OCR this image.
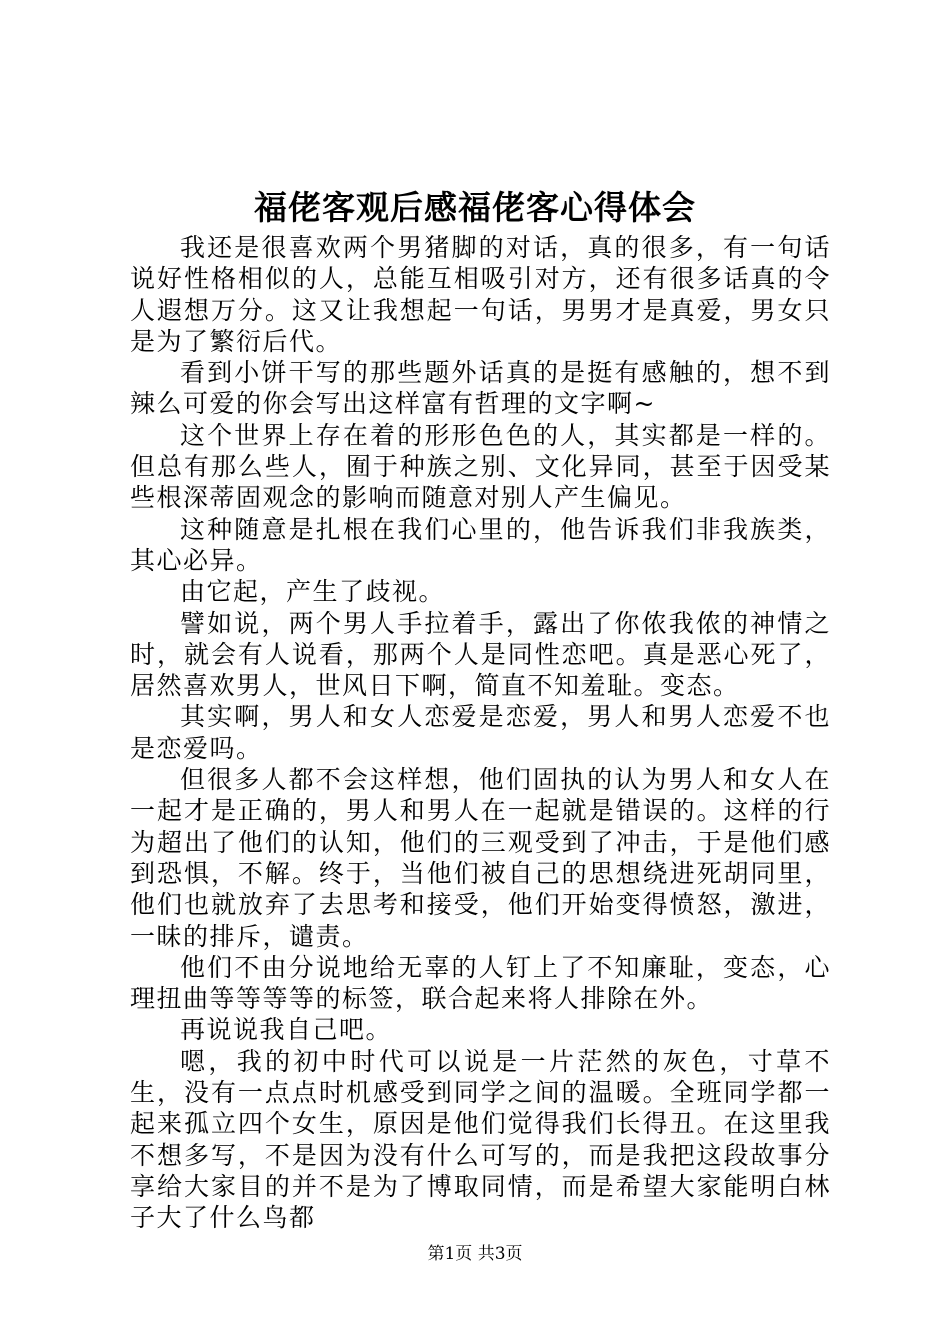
福佬客观后感福佬客心得体会

我还是很喜欢两个男猪脚的对话，真的很多，有一句话说好性格相似的人，总能互相吸引对方，还有很多话真的令人遐想万分。这又让我想起一句话，男男才是真爱，男女只是为了繁衍后代。

看到小饼干写的那些题外话真的是挺有感触的，想不到辣么可爱的你会写出这样富有哲理的文字啊~

这个世界上存在着的形形色色的人，其实都是一样的。但总有那么些人，囿于种族之别、文化异同，甚至于因受某些根深蒂固观念的影响而随意对别人产生偏见。

这种随意是扎根在我们心里的，他告诉我们非我族类，其心必异。

由它起，产生了歧视。

譬如说，两个男人手拉着手，露出了你侬我侬的神情之时，就会有人说看，那两个人是同性恋吧。真是恶心死了，居然喜欢男人，世风日下啊，简直不知羞耻。变态。

其实啊，男人和女人恋爱是恋爱，男人和男人恋爱不也是恋爱吗。

但很多人都不会这样想，他们固执的认为男人和女人在一起才是正确的，男人和男人在一起就是错误的。这样的行为超出了他们的认知，他们的三观受到了冲击，于是他们感到恐惧，不解。终于，当他们被自己的思想绕进死胡同里，他们也就放弃了去思考和接受，他们开始变得愤怒，激进，一昧的排斥，谴责。

他们不由分说地给无辜的人钉上了不知廉耻，变态，心理扭曲等等等等的标签，联合起来将人排除在外。

再说说我自己吧。

嗯，我的初中时代可以说是一片茫然的灰色，寸草不生，没有一点点时机感受到同学之间的温暖。全班同学都一起来孤立四个女生，原因是他们觉得我们长得丑。在这里我不想多写，不是因为没有什么可写的，而是我把这段故事分享给大家目的并不是为了博取同情，而是希望大家能明白林子大了什么鸟都

第1页 共3页
